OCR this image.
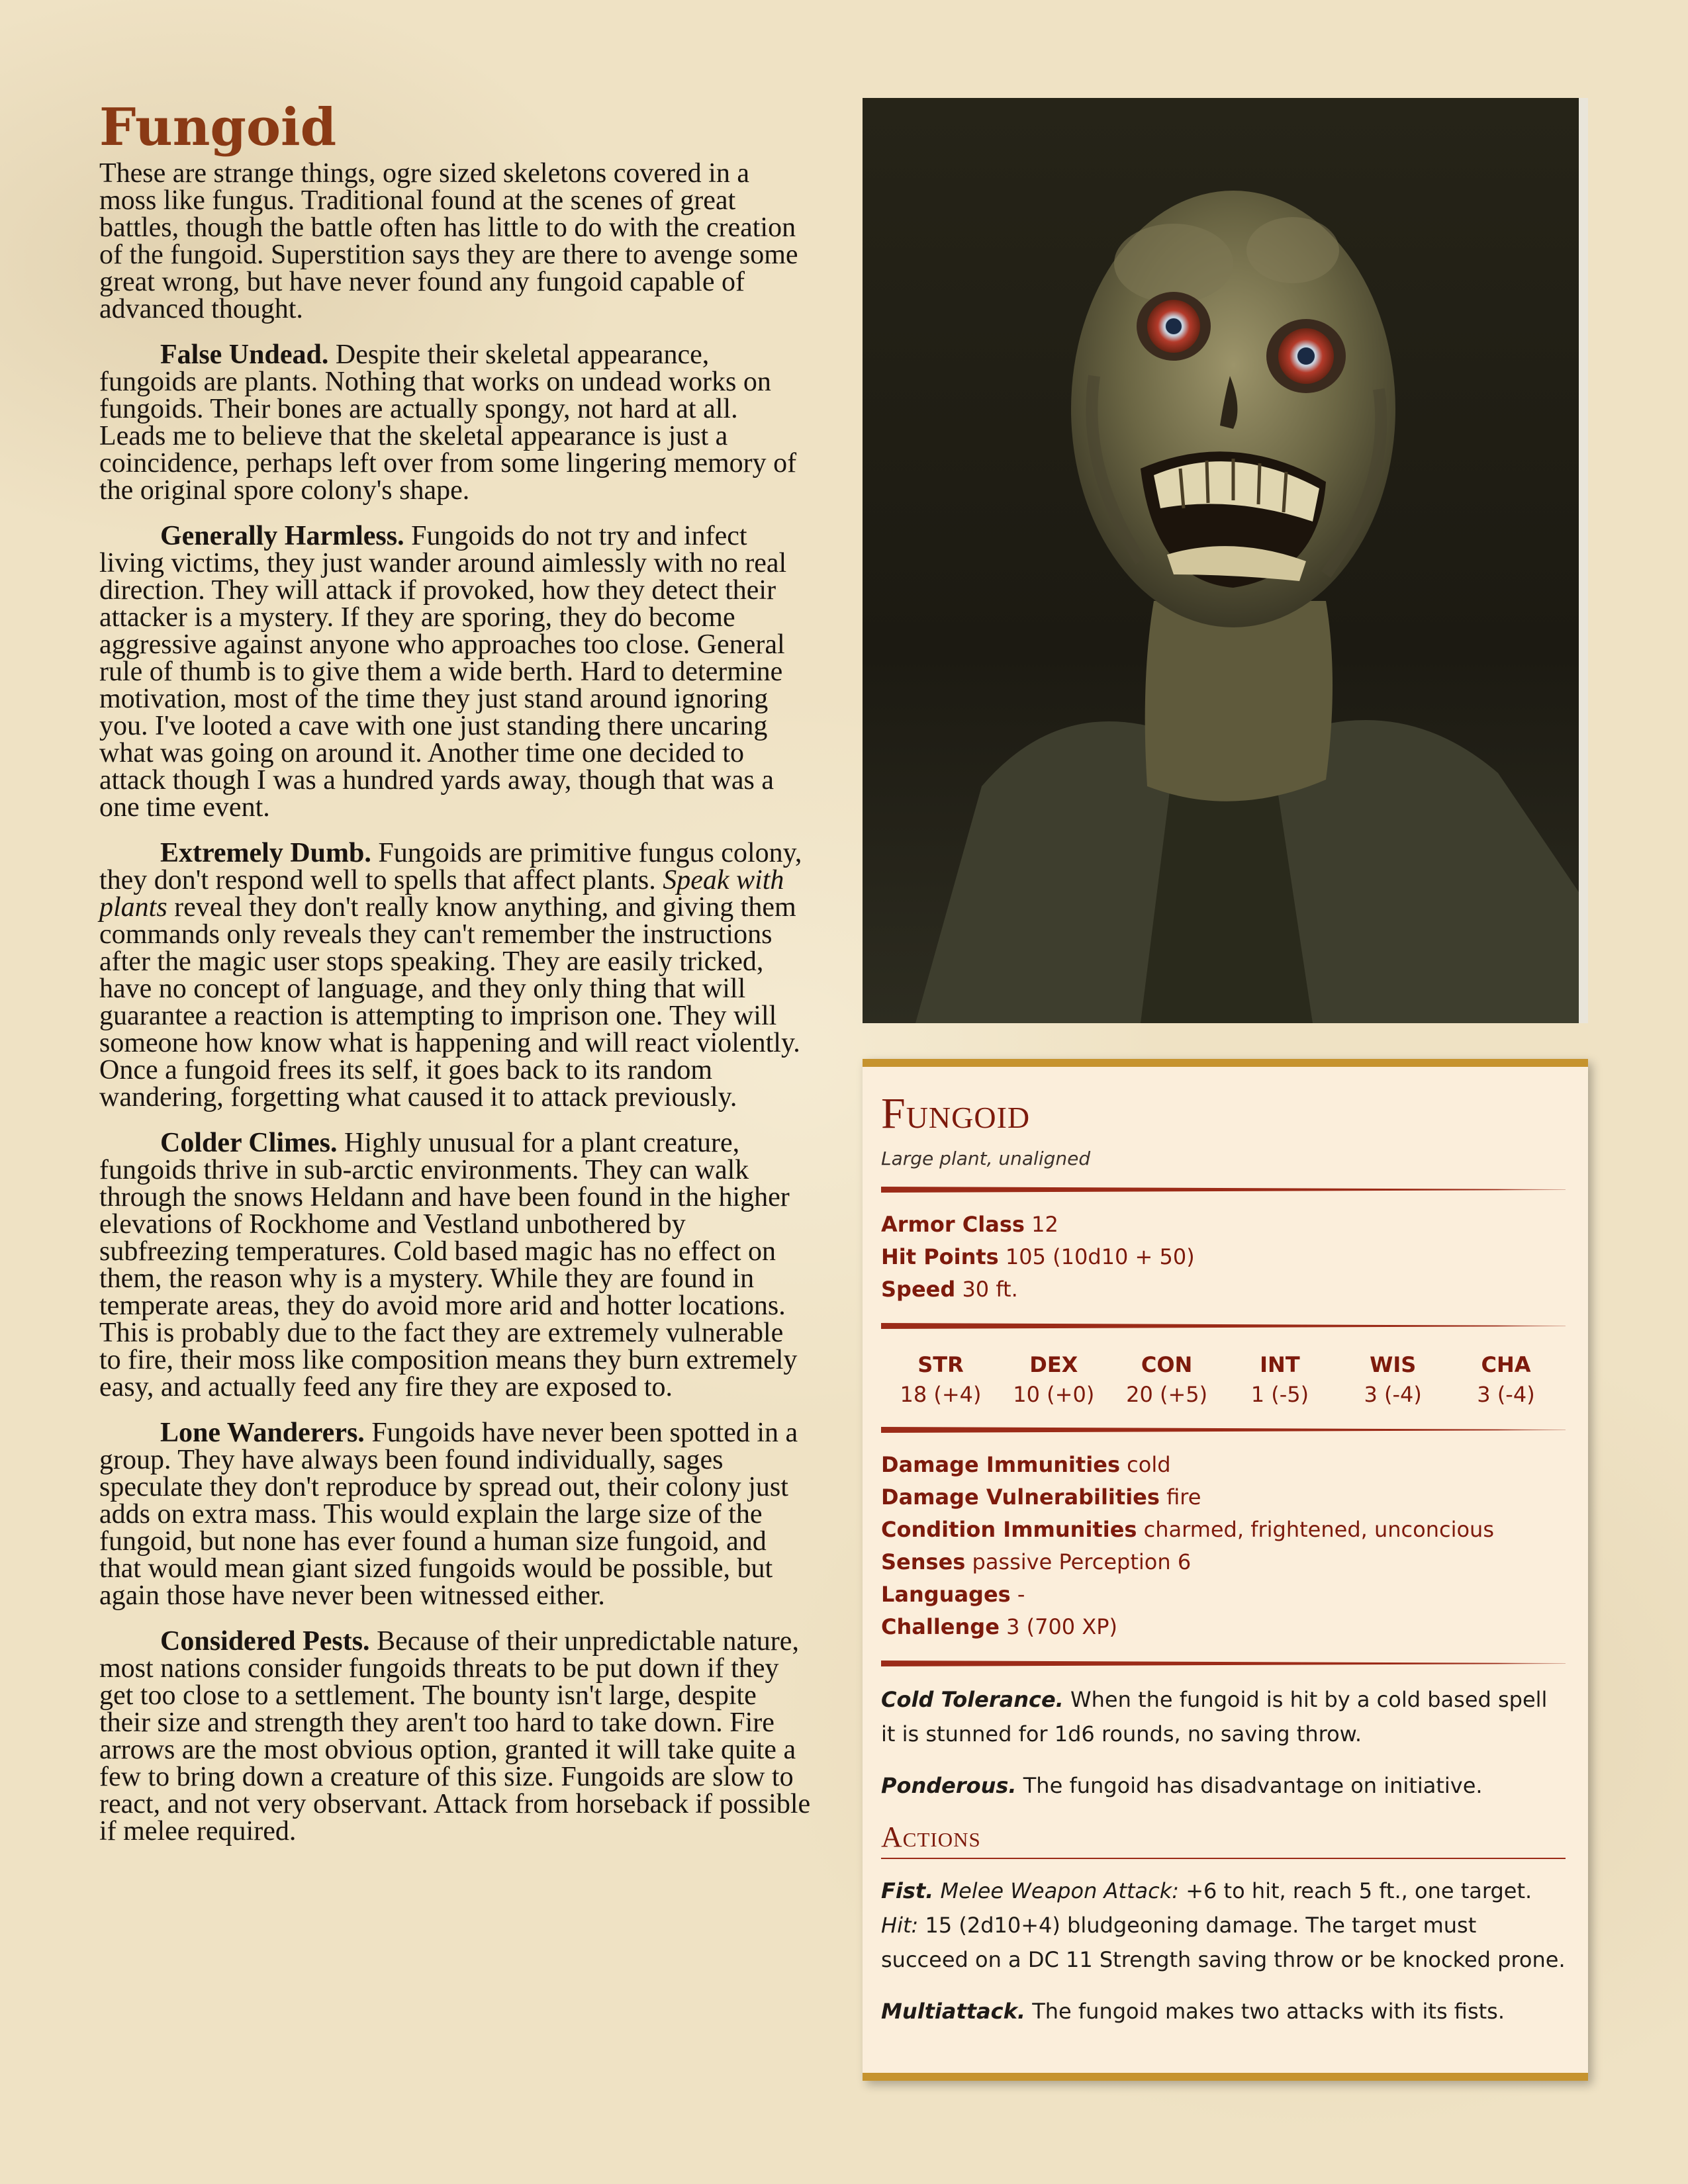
Fungoid

These are strange things, ogre sized skeletons covered in a moss like fungus. Traditional found at the scenes of great battles, though the battle often has little to do with the creation of the fungoid. Superstition says they are there to avenge some great wrong, but have never found any fungoid capable of advanced thought.

False Undead. Despite their skeletal appearance, fungoids are plants. Nothing that works on undead works on fungoids. Their bones are actually spongy, not hard at all. Leads me to believe that the skeletal appearance is just a coincidence, perhaps left over from some lingering memory of the original spore colony's shape.

Generally Harmless. Fungoids do not try and infect living victims, they just wander around aimlessly with no real direction. They will attack if provoked, how they detect their attacker is a mystery. If they are sporing, they do become aggressive against anyone who approaches too close. General rule of thumb is to give them a wide berth. Hard to determine motivation, most of the time they just stand around ignoring you. I've looted a cave with one just standing there uncaring what was going on around it. Another time one decided to attack though I was a hundred yards away, though that was a one time event.

Extremely Dumb. Fungoids are primitive fungus colony, they don't respond well to spells that affect plants. Speak with plants reveal they don't really know anything, and giving them commands only reveals they can't remember the instructions after the magic user stops speaking. They are easily tricked, have no concept of language, and they only thing that will guarantee a reaction is attempting to imprison one. They will someone how know what is happening and will react violently. Once a fungoid frees its self, it goes back to its random wandering, forgetting what caused it to attack previously.

Colder Climes. Highly unusual for a plant creature, fungoids thrive in sub-arctic environments. They can walk through the snows Heldann and have been found in the higher elevations of Rockhome and Vestland unbothered by subfreezing temperatures. Cold based magic has no effect on them, the reason why is a mystery. While they are found in temperate areas, they do avoid more arid and hotter locations. This is probably due to the fact they are extremely vulnerable to fire, their moss like composition means they burn extremely easy, and actually feed any fire they are exposed to.

Lone Wanderers. Fungoids have never been spotted in a group. They have always been found individually, sages speculate they don't reproduce by spread out, their colony just adds on extra mass. This would explain the large size of the fungoid, but none has ever found a human size fungoid, and that would mean giant sized fungoids would be possible, but again those have never been witnessed either.

Considered Pests. Because of their unpredictable nature, most nations consider fungoids threats to be put down if they get too close to a settlement. The bounty isn't large, despite their size and strength they aren't too hard to take down. Fire arrows are the most obvious option, granted it will take quite a few to bring down a creature of this size. Fungoids are slow to react, and not very observant. Attack from horseback if possible if melee required.

Fungoid
Large plant, unaligned
Armor Class 12
Hit Points 105 (10d10 + 50)
Speed 30 ft.
STR
18 (+4)
DEX
10 (+0)
CON
20 (+5)
INT
1 (-5)
WIS
3 (-4)
CHA
3 (-4)
Damage Immunities cold
Damage Vulnerabilities fire
Condition Immunities charmed, frightened, unconcious
Senses passive Perception 6
Languages -
Challenge 3 (700 XP)

Cold Tolerance. When the fungoid is hit by a cold based spell it is stunned for 1d6 rounds, no saving throw.

Ponderous. The fungoid has disadvantage on initiative.

Actions

Fist. Melee Weapon Attack: +6 to hit, reach 5 ft., one target. Hit: 15 (2d10+4) bludgeoning damage. The target must succeed on a DC 11 Strength saving throw or be knocked prone.

Multiattack. The fungoid makes two attacks with its fists.
